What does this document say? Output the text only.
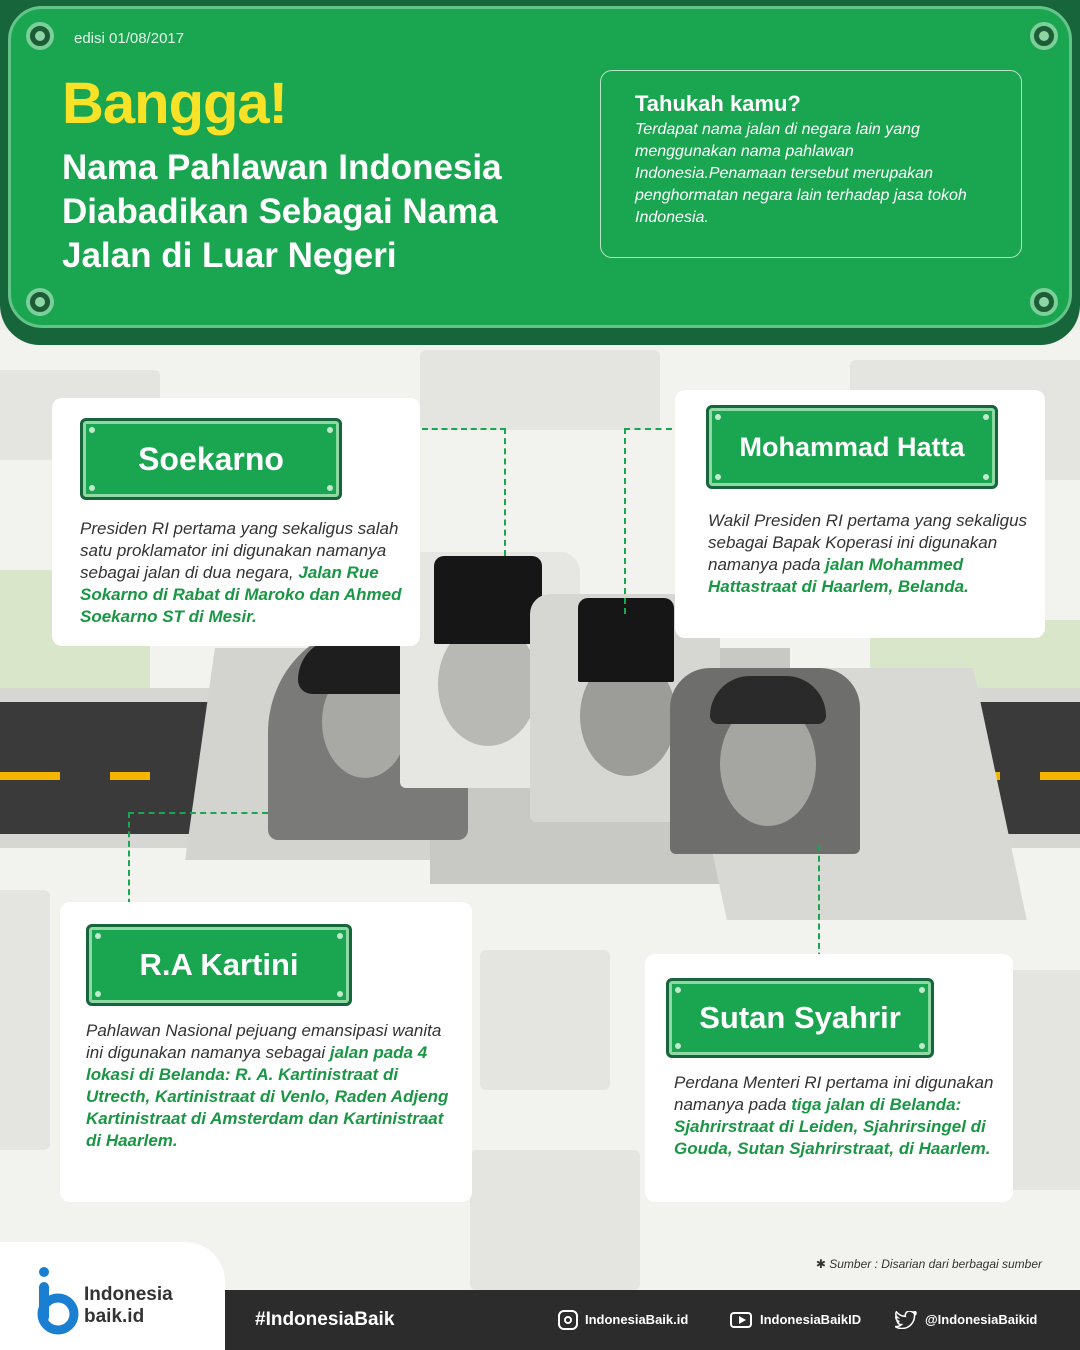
edisi 01/08/2017
Bangga!
Nama Pahlawan Indonesia Diabadikan Sebagai Nama Jalan di Luar Negeri
Tahukah kamu?

Terdapat nama jalan di negara lain yang menggunakan nama pahlawan Indonesia.Penamaan tersebut merupakan penghormatan negara lain terhadap jasa tokoh Indonesia.

Soekarno
Presiden RI pertama yang sekaligus salah satu proklamator ini digunakan namanya sebagai jalan di dua negara, Jalan Rue Sokarno di Rabat di Maroko dan Ahmed Soekarno ST di Mesir.
Mohammad Hatta
Wakil Presiden RI pertama yang sekaligus sebagai Bapak Koperasi ini digunakan namanya pada jalan Mohammed Hattastraat di Haarlem, Belanda.
R.A Kartini
Pahlawan Nasional pejuang emansipasi wanita ini digunakan namanya sebagai jalan pada 4 lokasi di Belanda: R. A. Kartinistraat di Utrecth, Kartinistraat di Venlo, Raden Adjeng Kartinistraat di Amsterdam dan Kartinistraat di Haarlem.
Sutan Syahrir
Perdana Menteri RI pertama ini digunakan namanya pada tiga jalan di Belanda: Sjahrirstraat di Leiden, Sjahrirsingel di Gouda, Sutan Sjahrirstraat, di Haarlem.
✱ Sumber : Disarian dari berbagai sumber
Indonesia
baik.id	#IndonesiaBaik	IndonesiaBaik.id	IndonesiaBaikID	@IndonesiaBaikid
